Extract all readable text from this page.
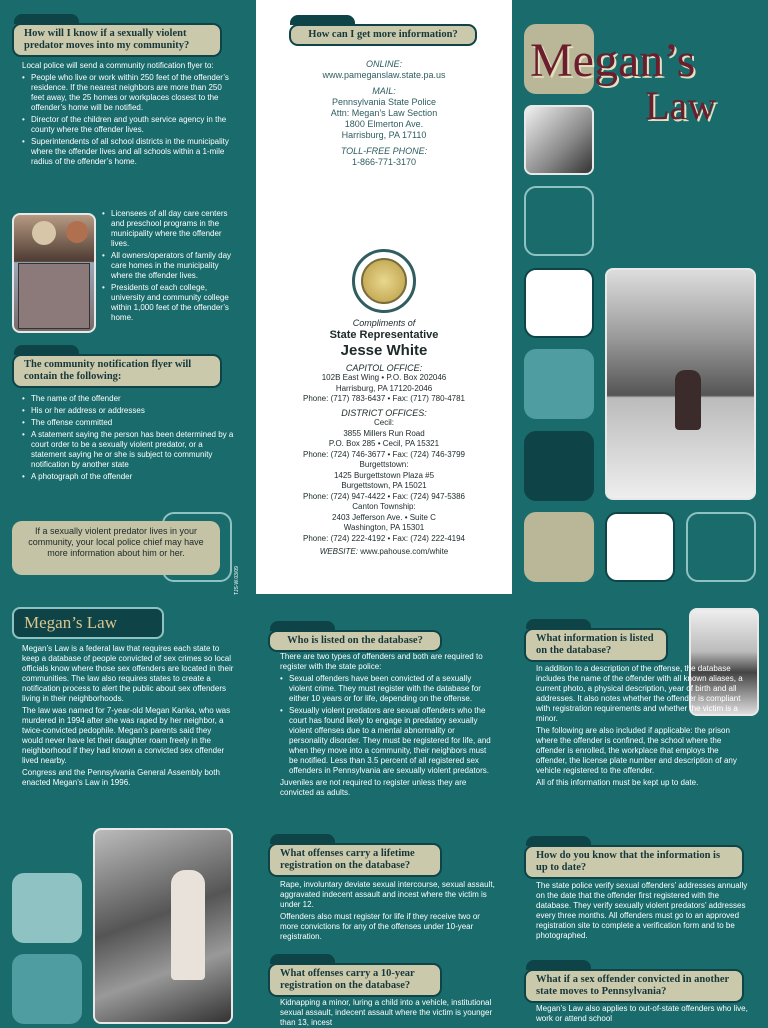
How will I know if a sexually violent predator moves into my community?
Local police will send a community notification flyer to:
• People who live or work within 250 feet of the offender’s residence. If the nearest neighbors are more than 250 feet away, the 25 homes or workplaces closest to the offender’s home will be notified.
• Director of the children and youth service agency in the county where the offender lives.
• Superintendents of all school districts in the municipality where the offender lives and all schools within a 1-mile radius of the offender’s home.
• Licensees of all day care centers and preschool programs in the municipality where the offender lives.
• All owners/operators of family day care homes in the municipality where the offender lives.
• Presidents of each college, university and community college within 1,000 feet of the offender’s home.
The community notification flyer will contain the following:
• The name of the offender
• His or her address or addresses
• The offense committed
• A statement saying the person has been determined by a court order to be a sexually violent predator, or a statement saying he or she is subject to community notification by another state
• A photograph of the offender
If a sexually violent predator lives in your community, your local police chief may have more information about him or her.
TJS-W.03/09
How can I get more information?
ONLINE:
www.pameganslaw.state.pa.us
MAIL:
Pennsylvania State Police
Attn: Megan’s Law Section
1800 Elmerton Ave.
Harrisburg, PA 17110
TOLL-FREE PHONE:
1-866-771-3170
Compliments of
State Representative
Jesse White
CAPITOL OFFICE:
102B East Wing • P.O. Box 202046
Harrisburg, PA 17120-2046
Phone: (717) 783-6437 • Fax: (717) 780-4781
DISTRICT OFFICES:
Cecil:
3855 Millers Run Road
P.O. Box 285 • Cecil, PA 15321
Phone: (724) 746-3677 • Fax: (724) 746-3799
Burgettstown:
1425 Burgettstown Plaza #5
Burgettstown, PA 15021
Phone: (724) 947-4422 • Fax: (724) 947-5386
Canton Township:
2403 Jefferson Ave. • Suite C
Washington, PA 15301
Phone: (724) 222-4192 • Fax: (724) 222-4194
WEBSITE: www.pahouse.com/white
Megan’s
Law
Megan’s Law
Megan’s Law is a federal law that requires each state to keep a database of people convicted of sex crimes so local officials know where those sex offenders are located in their communities. The law also requires states to create a notification process to alert the public about sex offenders living in their neighborhoods.
The law was named for 7-year-old Megan Kanka, who was murdered in 1994 after she was raped by her neighbor, a twice-convicted pedophile. Megan’s parents said they would never have let their daughter roam freely in the neighborhood if they had known a convicted sex offender lived nearby.
Congress and the Pennsylvania General Assembly both enacted Megan’s Law in 1996.
Who is listed on the database?
There are two types of offenders and both are required to register with the state police:
• Sexual offenders have been convicted of a sexually violent crime. They must register with the database for either 10 years or for life, depending on the offense.
• Sexually violent predators are sexual offenders who the court has found likely to engage in predatory sexually violent offenses due to a mental abnormality or personality disorder. They must be registered for life, and when they move into a community, their neighbors must be notified. Less than 3.5 percent of all registered sex offenders in Pennsylvania are sexually violent predators.
Juveniles are not required to register unless they are convicted as adults.
What offenses carry a lifetime registration on the database?
Rape, involuntary deviate sexual intercourse, sexual assault, aggravated indecent assault and incest where the victim is under 12.
Offenders also must register for life if they receive two or more convictions for any of the offenses under 10-year registration.
What offenses carry a 10-year registration on the database?
Kidnapping a minor, luring a child into a vehicle, institutional sexual assault, indecent assault where the victim is younger than 13, incest
What information is listed on the database?
In addition to a description of the offense, the database includes the name of the offender with all known aliases, a current photo, a physical description, year of birth and all addresses. It also notes whether the offender is compliant with registration requirements and whether the victim is a minor.
The following are also included if applicable: the prison where the offender is confined, the school where the offender is enrolled, the workplace that employs the offender, the license plate number and description of any vehicle registered to the offender.
All of this information must be kept up to date.
How do you know that the information is up to date?
The state police verify sexual offenders’ addresses annually on the date that the offender first registered with the database. They verify sexually violent predators’ addresses every three months. All offenders must go to an approved registration site to complete a verification form and to be photographed.
What if a sex offender convicted in another state moves to Pennsylvania?
Megan’s Law also applies to out-of-state offenders who live, work or attend school
